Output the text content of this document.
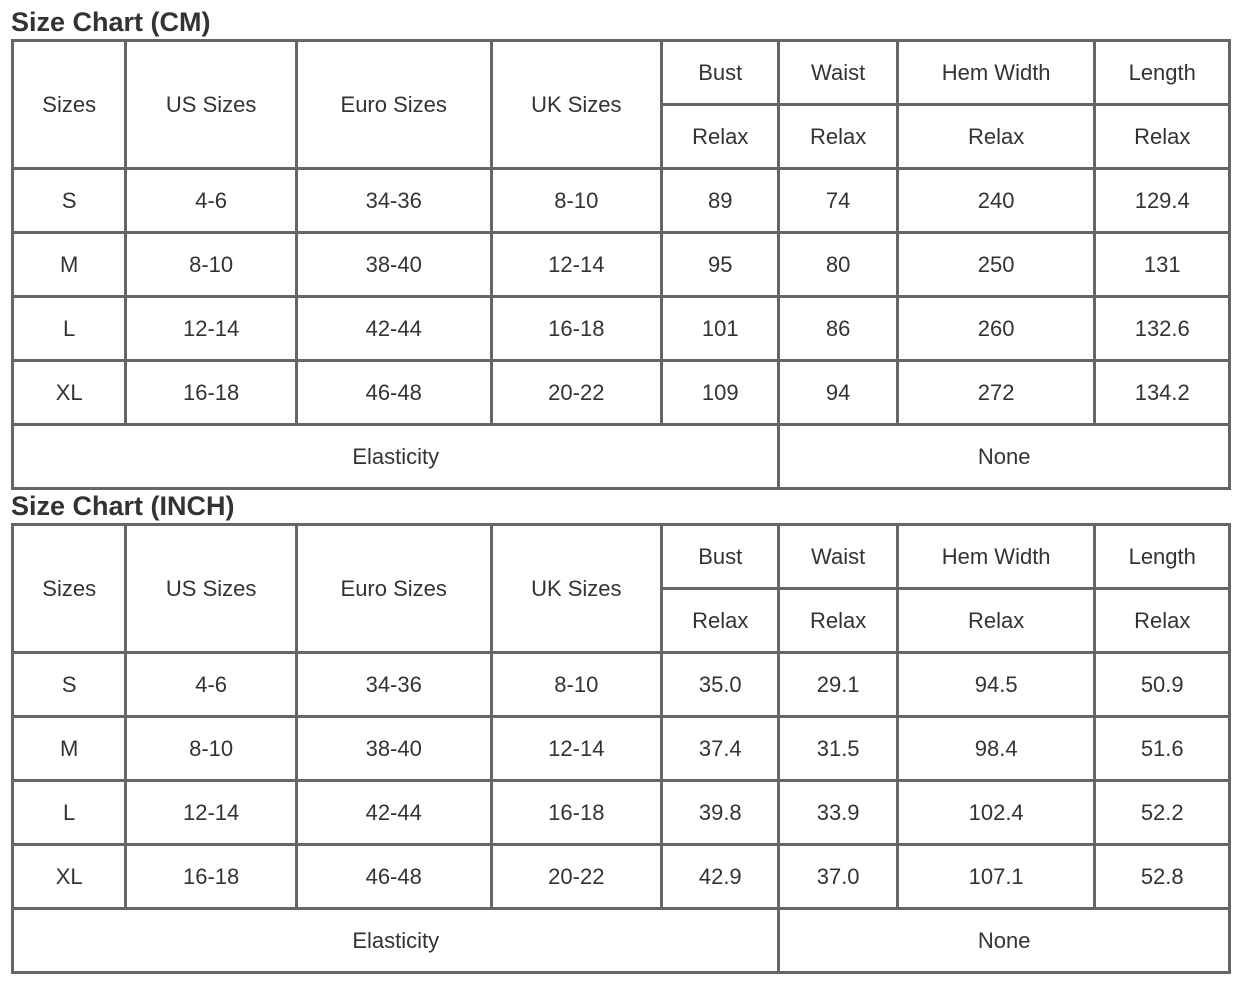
Size Chart (CM)
Sizes	US Sizes	Euro Sizes	UK Sizes	Bust	Waist	Hem Width	Length
				Relax	Relax	Relax	Relax
S	4-6	34-36	8-10	89	74	240	129.4
M	8-10	38-40	12-14	95	80	250	131
L	12-14	42-44	16-18	101	86	260	132.6
XL	16-18	46-48	20-22	109	94	272	134.2
Elasticity					None		
Size Chart (INCH)
Sizes	US Sizes	Euro Sizes	UK Sizes	Bust	Waist	Hem Width	Length
				Relax	Relax	Relax	Relax
S	4-6	34-36	8-10	35.0	29.1	94.5	50.9
M	8-10	38-40	12-14	37.4	31.5	98.4	51.6
L	12-14	42-44	16-18	39.8	33.9	102.4	52.2
XL	16-18	46-48	20-22	42.9	37.0	107.1	52.8
Elasticity					None		
